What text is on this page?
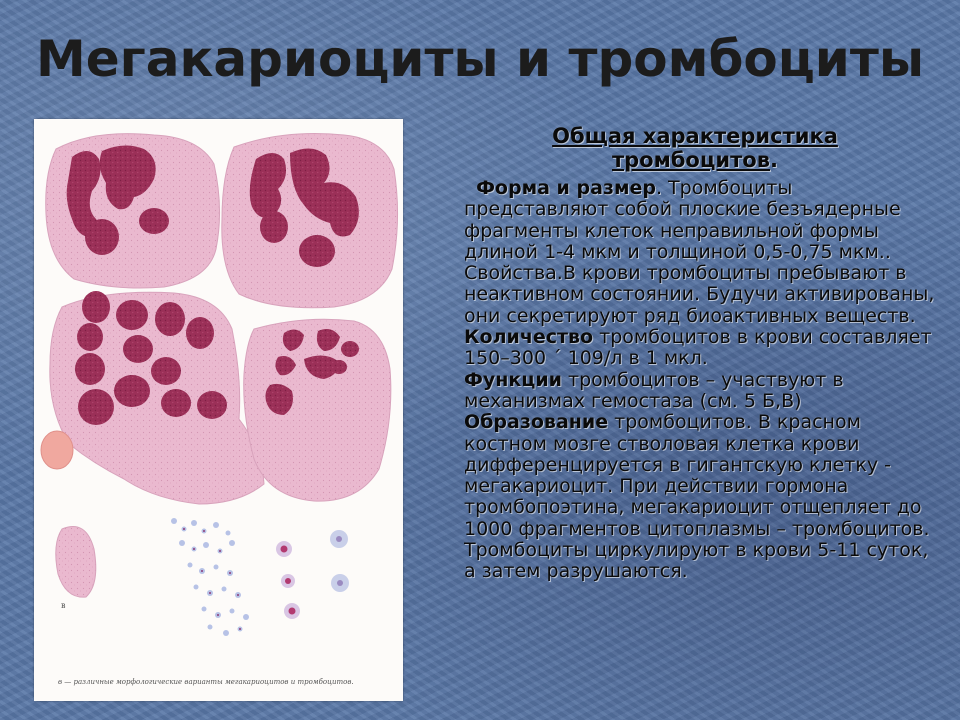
Мегакариоциты и тромбоциты
в
в — различные морфологические варианты мегакариоцитов и тромбоцитов.
Общая характеристика
тромбоцитов.

Форма и размер. Тромбоциты представляют собой плоские безъядерные фрагменты клеток неправильной формы длиной 1-4 мкм и толщиной 0,5-0,75 мкм..

Свойства.В крови тромбоциты пребывают в неактивном состоянии. Будучи активированы, они секретируют ряд биоактивных веществ.

Количество тромбоцитов в крови составляет 150–300 ´ 109/л в 1 мкл.

Функции тромбоцитов – участвуют в механизмах гемостаза (см. 5 Б,В)

Образование тромбоцитов. В красном костном мозге стволовая клетка крови дифференцируется в гигантскую клетку - мегакариоцит. При действии гормона тромбопоэтина, мегакариоцит отщепляет до 1000 фрагментов цитоплазмы – тромбоцитов. Тромбоциты циркулируют в крови 5-11 суток, а затем разрушаются.
